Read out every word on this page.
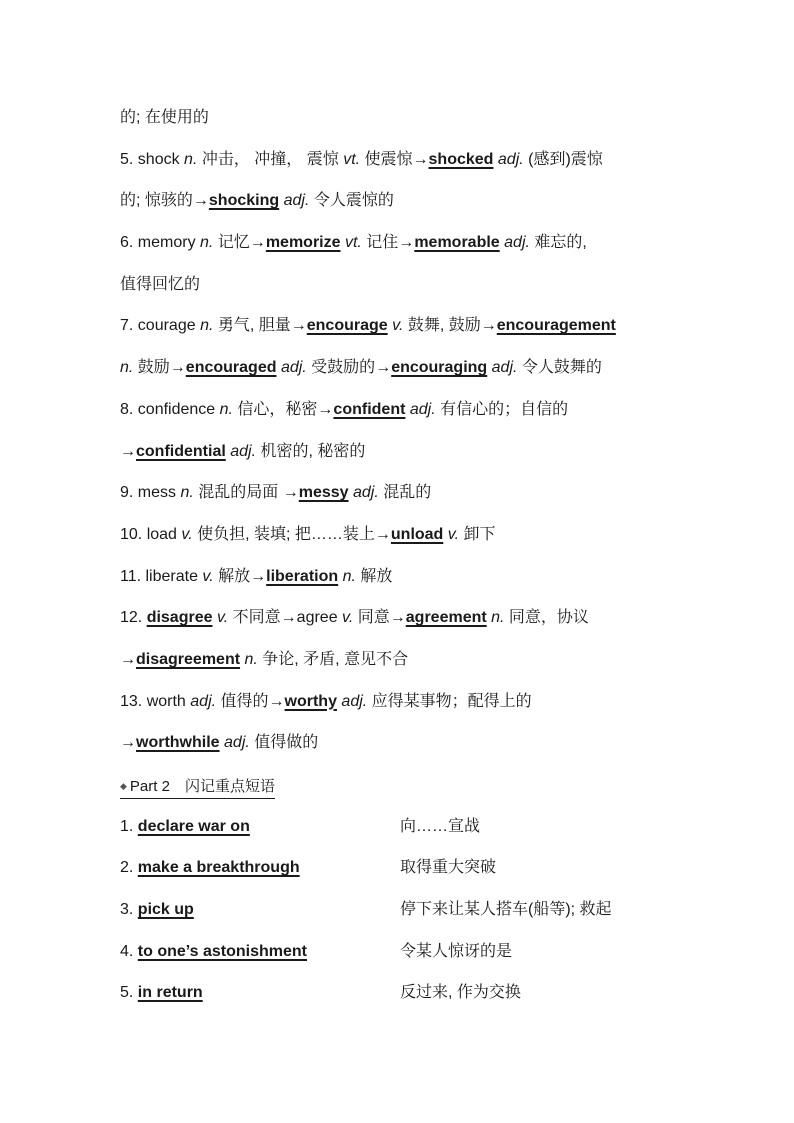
的; 在使用的
5. shock n. 冲击， 冲撞， 震惊 vt. 使震惊→shocked adj. (感到)震惊
的; 惊骇的→shocking adj. 令人震惊的
6. memory n. 记忆→memorize vt. 记住→memorable adj. 难忘的,
值得回忆的
7. courage n. 勇气, 胆量→encourage v. 鼓舞, 鼓励→encouragement
n. 鼓励→encouraged adj. 受鼓励的→encouraging adj. 令人鼓舞的
8. confidence n. 信心，秘密→confident adj. 有信心的；自信的
→confidential adj. 机密的, 秘密的
9. mess n. 混乱的局面 →messy adj. 混乱的
10. load v. 使负担, 装填; 把……装上→unload v. 卸下
11. liberate v. 解放→liberation n. 解放
12. disagree v. 不同意→agree v. 同意→agreement n. 同意，协议
→disagreement n. 争论, 矛盾, 意见不合
13. worth adj. 值得的→worthy adj. 应得某事物；配得上的
→worthwhile adj. 值得做的
◆ Part 2　闪记重点短语
1. declare war on	向……宣战
2. make a breakthrough	取得重大突破
3. pick up	停下来让某人搭车(船等); 救起
4. to one’s astonishment	令某人惊讶的是
5. in return	反过来, 作为交换
